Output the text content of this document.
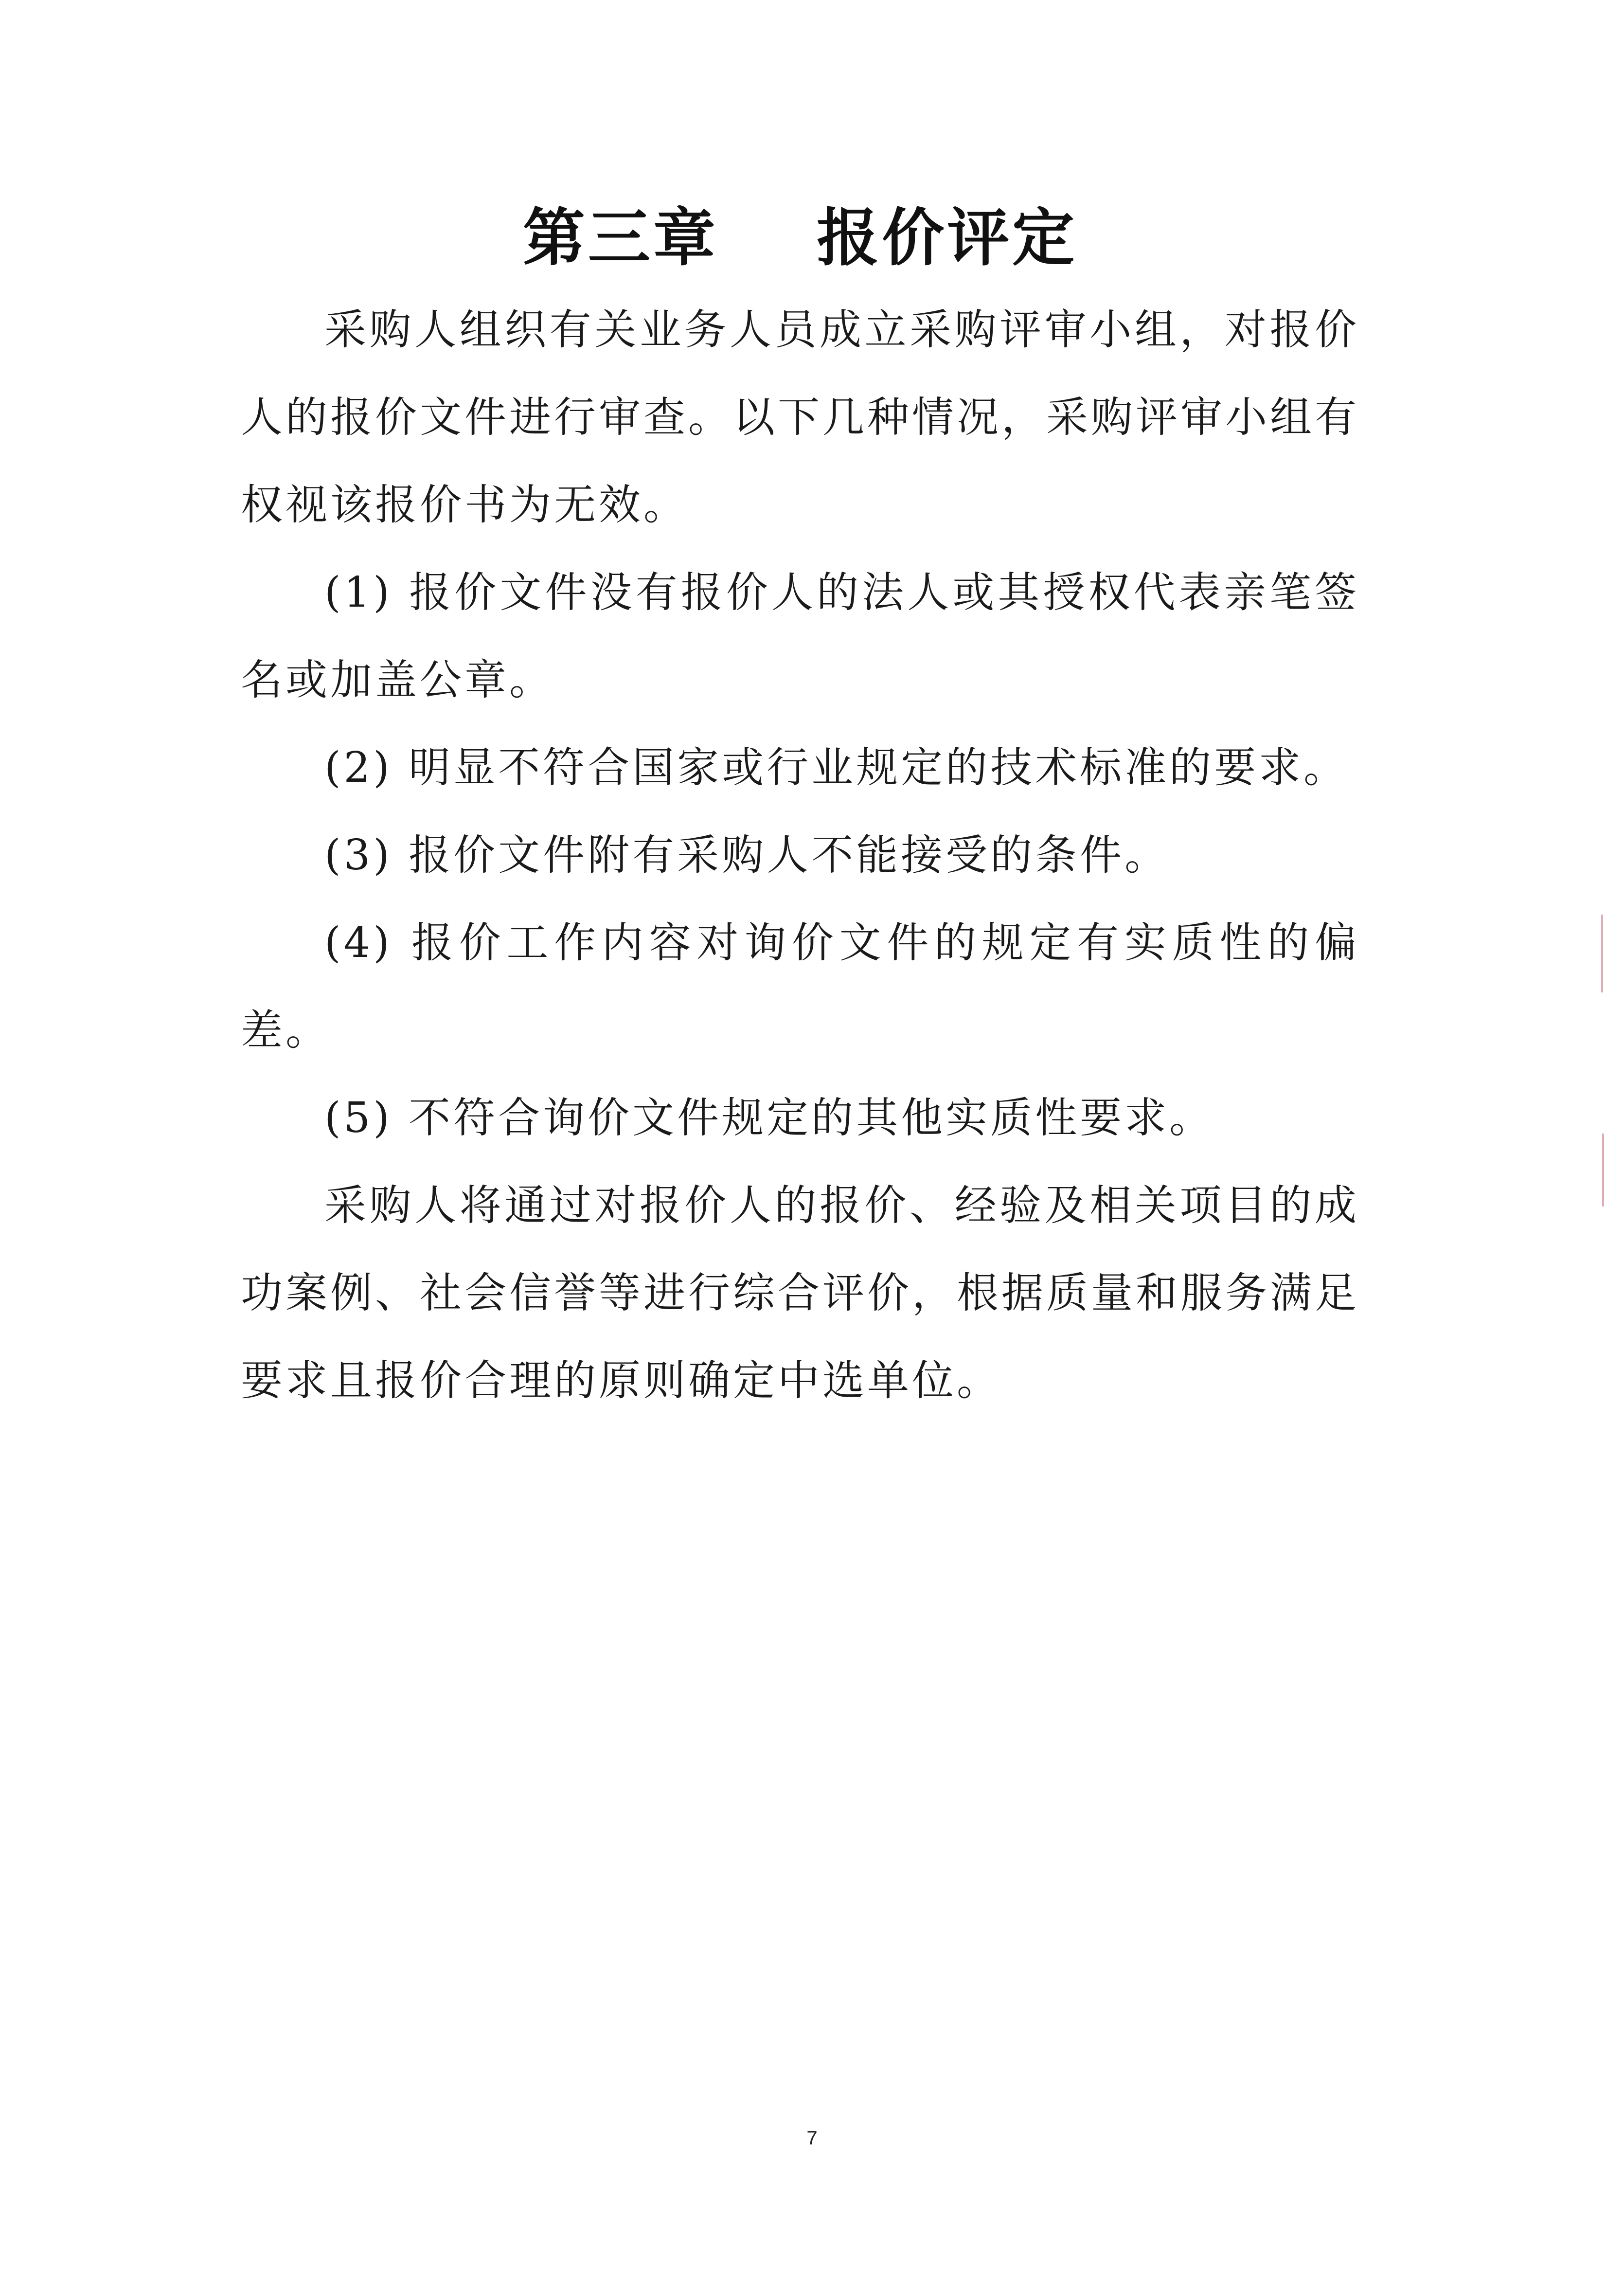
第三章    报价评定

采购人组织有关业务人员成立采购评审小组，对报价人的报价文件进行审查。以下几种情况，采购评审小组有权视该报价书为无效。

(1) 报价文件没有报价人的法人或其授权代表亲笔签名或加盖公章。

(2) 明显不符合国家或行业规定的技术标准的要求。

(3) 报价文件附有采购人不能接受的条件。

(4) 报价工作内容对询价文件的规定有实质性的偏差。

(5) 不符合询价文件规定的其他实质性要求。

采购人将通过对报价人的报价、经验及相关项目的成功案例、社会信誉等进行综合评价，根据质量和服务满足要求且报价合理的原则确定中选单位。

7
